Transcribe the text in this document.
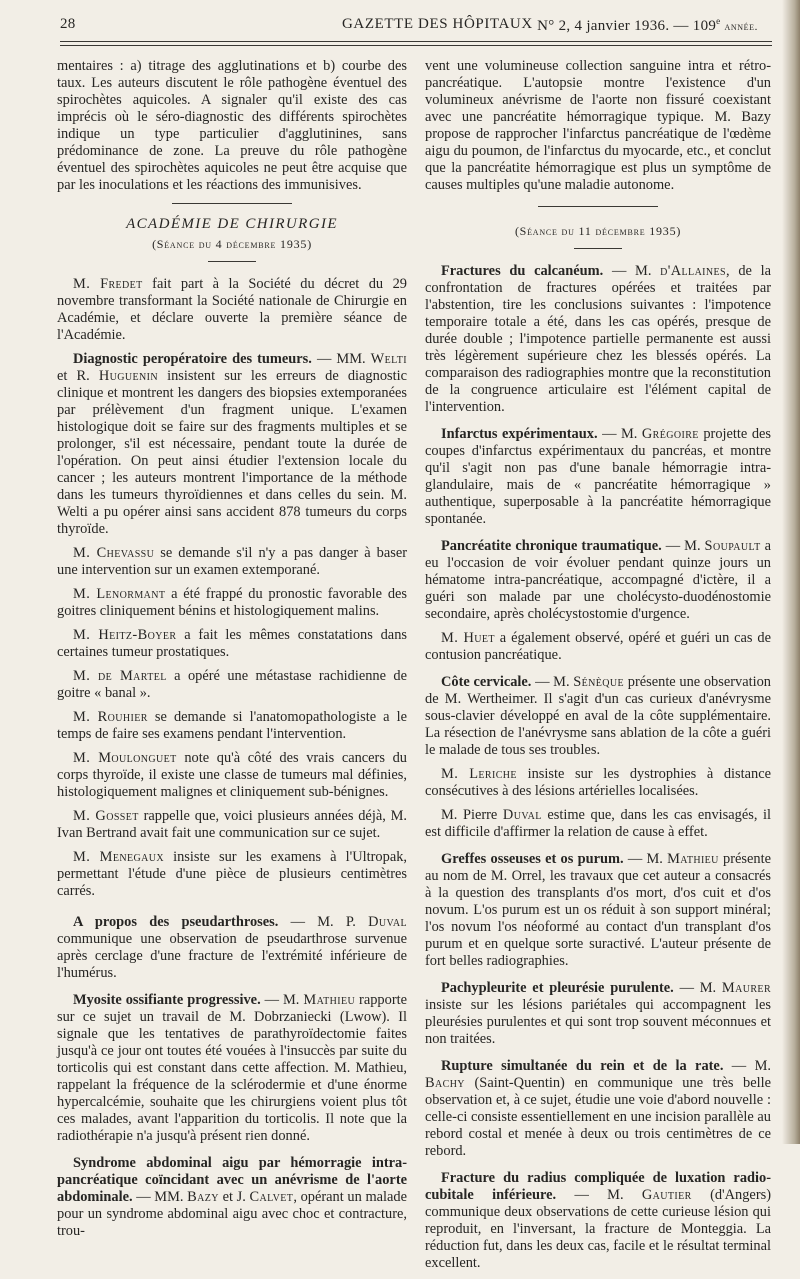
28	GAZETTE DES HÔPITAUX N° 2, 4 janvier 1936. — 109e année.

mentaires : a) titrage des agglutinations et b) courbe des taux. Les auteurs discutent le rôle pathogène éventuel des spirochètes aquicoles. A signaler qu'il existe des cas imprécis où le séro-diagnostic des différents spirochètes indique un type particulier d'agglutinines, sans prédominance de zone. La preuve du rôle pathogène éventuel des spirochètes aquicoles ne peut être acquise que par les inoculations et les réactions des immunisives.

ACADÉMIE DE CHIRURGIE
(Séance du 4 décembre 1935)

M. Fredet fait part à la Société du décret du 29 novembre transformant la Société nationale de Chirurgie en Académie, et déclare ouverte la première séance de l'Académie.

Diagnostic peropératoire des tumeurs. — MM. Welti et R. Huguenin insistent sur les erreurs de diagnostic clinique et montrent les dangers des biopsies extemporanées par prélèvement d'un fragment unique. L'examen histologique doit se faire sur des fragments multiples et se prolonger, s'il est nécessaire, pendant toute la durée de l'opération. On peut ainsi étudier l'extension locale du cancer ; les auteurs montrent l'importance de la méthode dans les tumeurs thyroïdiennes et dans celles du sein. M. Welti a pu opérer ainsi sans accident 878 tumeurs du corps thyroïde.

M. Chevassu se demande s'il n'y a pas danger à baser une intervention sur un examen extemporané.

M. Lenormant a été frappé du pronostic favorable des goitres cliniquement bénins et histologiquement malins.

M. Heitz-Boyer a fait les mêmes constatations dans certaines tumeur prostatiques.

M. de Martel a opéré une métastase rachidienne de goitre « banal ».

M. Rouhier se demande si l'anatomopathologiste a le temps de faire ses examens pendant l'intervention.

M. Moulonguet note qu'à côté des vrais cancers du corps thyroïde, il existe une classe de tumeurs mal définies, histologiquement malignes et cliniquement sub-bénignes.

M. Gosset rappelle que, voici plusieurs années déjà, M. Ivan Bertrand avait fait une communication sur ce sujet.

M. Menegaux insiste sur les examens à l'Ultropak, permettant l'étude d'une pièce de plusieurs centimètres carrés.

A propos des pseudarthroses. — M. P. Duval communique une observation de pseudarthrose survenue après cerclage d'une fracture de l'extrémité inférieure de l'humérus.

Myosite ossifiante progressive. — M. Mathieu rapporte sur ce sujet un travail de M. Dobrzaniecki (Lwow). Il signale que les tentatives de parathyroïdectomie faites jusqu'à ce jour ont toutes été vouées à l'insuccès par suite du torticolis qui est constant dans cette affection. M. Mathieu, rappelant la fréquence de la sclérodermie et d'une énorme hypercalcémie, souhaite que les chirurgiens voient plus tôt ces malades, avant l'apparition du torticolis. Il note que la radiothérapie n'a jusqu'à présent rien donné.

Syndrome abdominal aigu par hémorragie intra-pancréatique coïncidant avec un anévrisme de l'aorte abdominale. — MM. Bazy et J. Calvet, opérant un malade pour un syndrome abdominal aigu avec choc et contracture, trou-

vent une volumineuse collection sanguine intra et rétro-pancréatique. L'autopsie montre l'existence d'un volumineux anévrisme de l'aorte non fissuré coexistant avec une pancréatite hémorragique typique. M. Bazy propose de rapprocher l'infarctus pancréatique de l'œdème aigu du poumon, de l'infarctus du myocarde, etc., et conclut que la pancréatite hémorragique est plus un symptôme de causes multiples qu'une maladie autonome.

(Séance du 11 décembre 1935)

Fractures du calcanéum. — M. d'Allaines, de la confrontation de fractures opérées et traitées par l'abstention, tire les conclusions suivantes : l'impotence temporaire totale a été, dans les cas opérés, presque de durée double ; l'impotence partielle permanente est aussi très légèrement supérieure chez les blessés opérés. La comparaison des radiographies montre que la reconstitution de la congruence articulaire est l'élément capital de l'intervention.

Infarctus expérimentaux. — M. Grégoire projette des coupes d'infarctus expérimentaux du pancréas, et montre qu'il s'agit non pas d'une banale hémorragie intra-glandulaire, mais de « pancréatite hémorragique » authentique, superposable à la pancréatite hémorragique spontanée.

Pancréatite chronique traumatique. — M. Soupault a eu l'occasion de voir évoluer pendant quinze jours un hématome intra-pancréatique, accompagné d'ictère, il a guéri son malade par une cholécysto-duodénostomie secondaire, après cholécystostomie d'urgence.

M. Huet a également observé, opéré et guéri un cas de contusion pancréatique.

Côte cervicale. — M. Sénèque présente une observation de M. Wertheimer. Il s'agit d'un cas curieux d'anévrysme sous-clavier développé en aval de la côte supplémentaire. La résection de l'anévrysme sans ablation de la côte a guéri le malade de tous ses troubles.

M. Leriche insiste sur les dystrophies à distance consécutives à des lésions artérielles localisées.

M. Pierre Duval estime que, dans les cas envisagés, il est difficile d'affirmer la relation de cause à effet.

Greffes osseuses et os purum. — M. Mathieu présente au nom de M. Orrel, les travaux que cet auteur a consacrés à la question des transplants d'os mort, d'os cuit et d'os novum. L'os purum est un os réduit à son support minéral; l'os novum l'os néoformé au contact d'un transplant d'os purum et en quelque sorte suractivé. L'auteur présente de fort belles radiographies.

Pachypleurite et pleurésie purulente. — M. Maurer insiste sur les lésions pariétales qui accompagnent les pleurésies purulentes et qui sont trop souvent méconnues et non traitées.

Rupture simultanée du rein et de la rate. — M. Bachy (Saint-Quentin) en communique une très belle observation et, à ce sujet, étudie une voie d'abord nouvelle : celle-ci consiste essentiellement en une incision parallèle au rebord costal et menée à deux ou trois centimètres de ce rebord.

Fracture du radius compliquée de luxation radio-cubitale inférieure. — M. Gautier (d'Angers) communique deux observations de cette curieuse lésion qui reproduit, en l'inversant, la fracture de Monteggia. La réduction fut, dans les deux cas, facile et le résultat terminal excellent.
